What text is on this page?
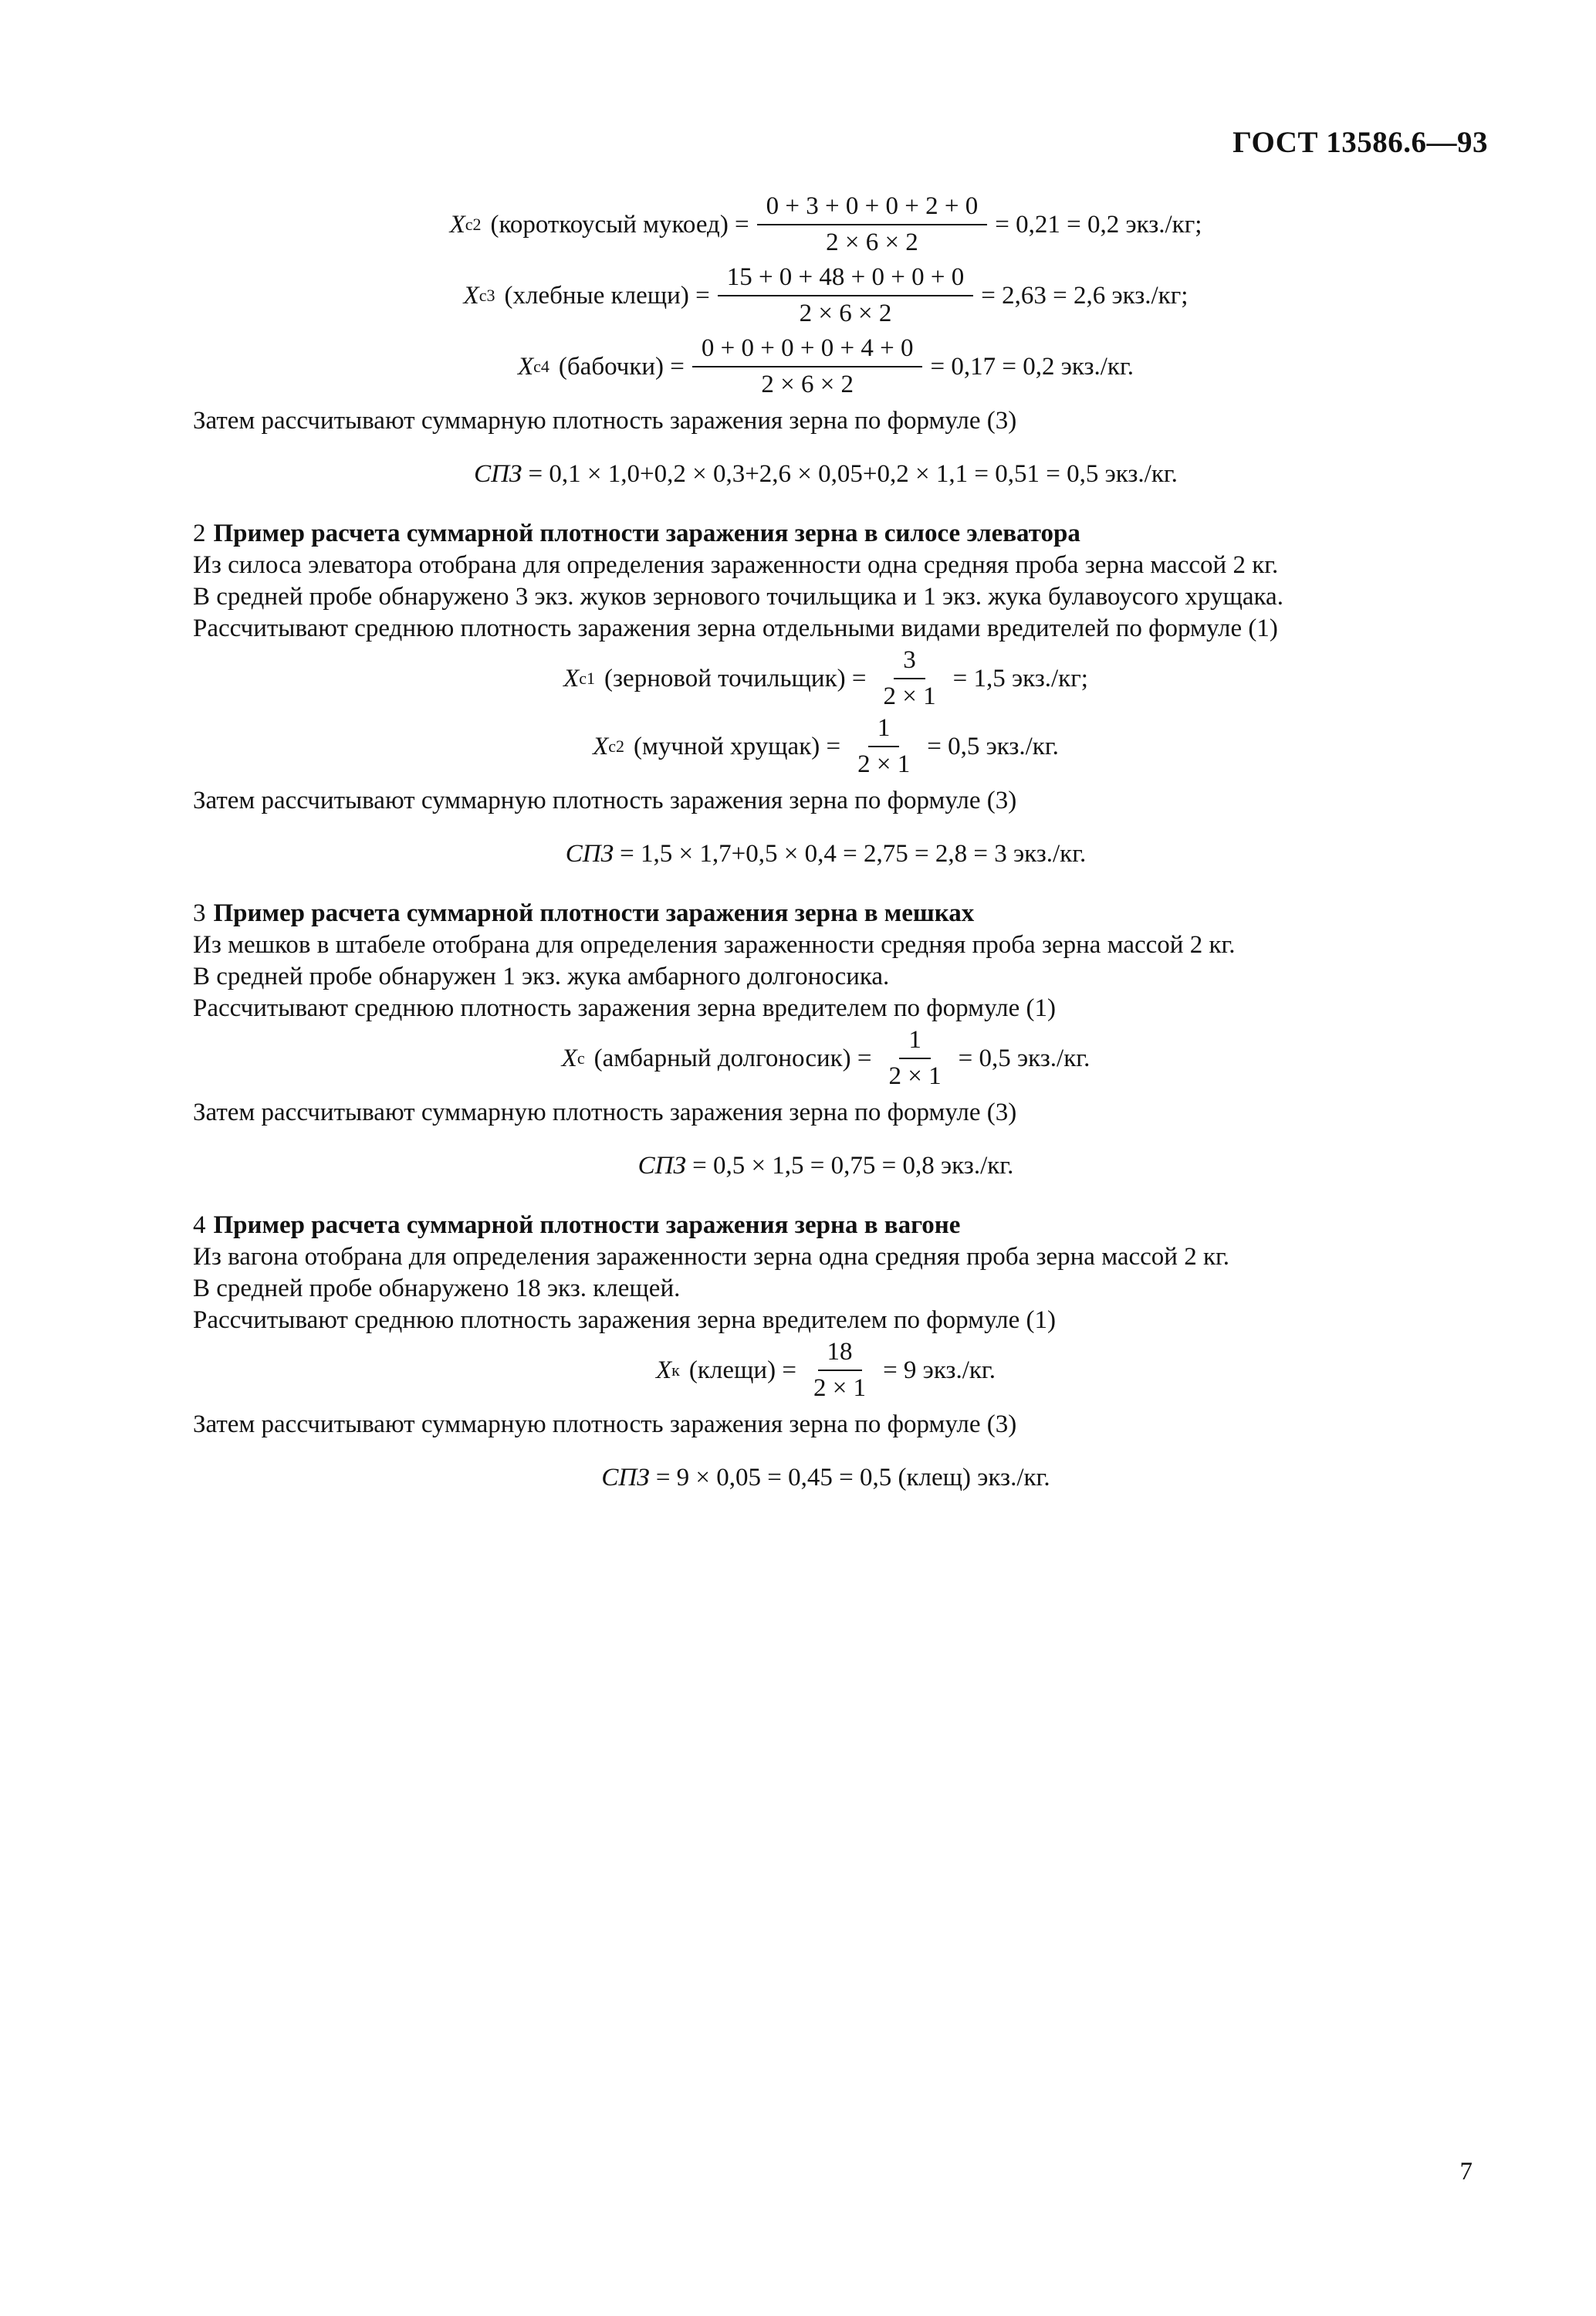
ГОСТ 13586.6—93
X с 2 (короткоусый мукоед) = $\frac{0 + 3 + 0 + 0 + 2 + 0}{2 \times 6 \times 2} = 0,21 = 0,2$ экз./кг;
X с 3 (хлебные клещи) = $\frac{15 + 0 + 48 + 0 + 0 + 0}{2 \times 6 \times 2} = 2,63 = 2,6$ экз./кг;
X с 4 (бабочки) = $\frac{0 + 0 + 0 + 0 + 4 + 0}{2 \times 6 \times 2} = 0,17 = 0,2$ экз./кг.
Затем рассчитывают суммарную плотность заражения зерна по формуле (3)
СПЗ = 0,1 × 1,0+0,2 × 0,3+2,6 × 0,05+0,2 × 1,1 = 0,51 = 0,5 экз./кг.
2 Пример расчета суммарной плотности заражения зерна в силосе элеватора
Из силоса элеватора отобрана для определения зараженности одна средняя проба зерна массой 2 кг.
В средней пробе обнаружено 3 экз. жуков зернового точильщика и 1 экз. жука булавоусого хрущака.
Рассчитывают среднюю плотность заражения зерна отдельными видами вредителей по формуле (1)
X с 1 (зерновой точильщик) = $\frac{3}{2 \times 1} = 1,5$ экз./кг;
X с 2 (мучной хрущак) = $\frac{1}{2 \times 1} = 0,5$ экз./кг.
Затем рассчитывают суммарную плотность заражения зерна по формуле (3)
СПЗ = 1,5 × 1,7+0,5 × 0,4 = 2,75 = 2,8 = 3 экз./кг.
3 Пример расчета суммарной плотности заражения зерна в мешках
Из мешков в штабеле отобрана для определения зараженности средняя проба зерна массой 2 кг.
В средней пробе обнаружен 1 экз. жука амбарного долгоносика.
Рассчитывают среднюю плотность заражения зерна вредителем по формуле (1)
X с (амбарный долгоносик) = $\frac{1}{2 \times 1} = 0,5$ экз./кг.
Затем рассчитывают суммарную плотность заражения зерна по формуле (3)
СПЗ = 0,5 × 1,5 = 0,75 = 0,8 экз./кг.
4 Пример расчета суммарной плотности заражения зерна в вагоне
Из вагона отобрана для определения зараженности зерна одна средняя проба зерна массой 2 кг.
В средней пробе обнаружено 18 экз. клещей.
Рассчитывают среднюю плотность заражения зерна вредителем по формуле (1)
X к (клещи) = $\frac{18}{2 \times 1} = 9$ экз./кг.
Затем рассчитывают суммарную плотность заражения зерна по формуле (3)
СПЗ = 9 × 0,05 = 0,45 = 0,5 (клещ) экз./кг.
7
